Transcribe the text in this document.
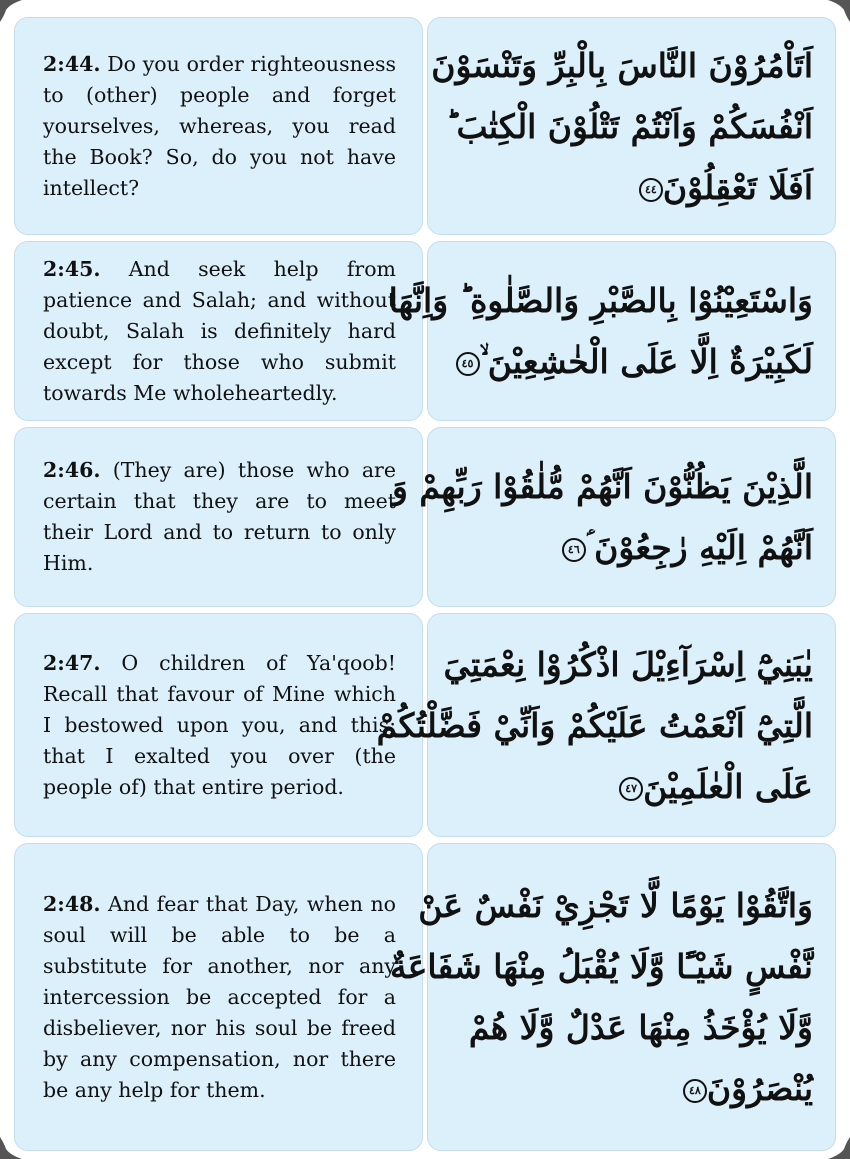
2:44. Do you order righteousness to (other) people and forget yourselves, whereas, you read the Book? So, do you not have intellect?
اَتَاْمُرُوْنَ النَّاسَ بِالْبِرِّ وَتَنْسَوْنَ
اَنْفُسَكُمْ وَاَنْتُمْ تَتْلُوْنَ الْكِتٰبَ ؕ
اَفَلَا تَعْقِلُوْنَ٤٤
2:45. And seek help from patience and Salah; and without doubt, Salah is definitely hard except for those who submit towards Me wholeheartedly.
وَاسْتَعِيْنُوْا بِالصَّبْرِ وَالصَّلٰوةِ ؕ وَاِنَّهَا
لَكَبِيْرَةٌ اِلَّا عَلَى الْخٰشِعِيْنَ ۙ٤٥
2:46. (They are) those who are certain that they are to meet their Lord and to return to only Him.
الَّذِيْنَ يَظُنُّوْنَ اَنَّهُمْ مُّلٰقُوْا رَبِّهِمْ وَ
اَنَّهُمْ اِلَيْهِ رٰجِعُوْنَ ؑ٤٦
2:47. O children of Ya'qoob! Recall that favour of Mine which I bestowed upon you, and this; that I exalted you over (the people of) that entire period.
يٰبَنِيْٓ اِسْرَآءِيْلَ اذْكُرُوْا نِعْمَتِيَ
الَّتِيْٓ اَنْعَمْتُ عَلَيْكُمْ وَاَنِّيْ فَضَّلْتُكُمْ
عَلَى الْعٰلَمِيْنَ٤٧
2:48. And fear that Day, when no soul will be able to be a substitute for another, nor any intercession be accepted for a disbeliever, nor his soul be freed by any compensation, nor there be any help for them.
وَاتَّقُوْا يَوْمًا لَّا تَجْزِيْ نَفْسٌ عَنْ
نَّفْسٍ شَيْـًٔا وَّلَا يُقْبَلُ مِنْهَا شَفَاعَةٌ
وَّلَا يُؤْخَذُ مِنْهَا عَدْلٌ وَّلَا هُمْ
يُنْصَرُوْنَ٤٨
